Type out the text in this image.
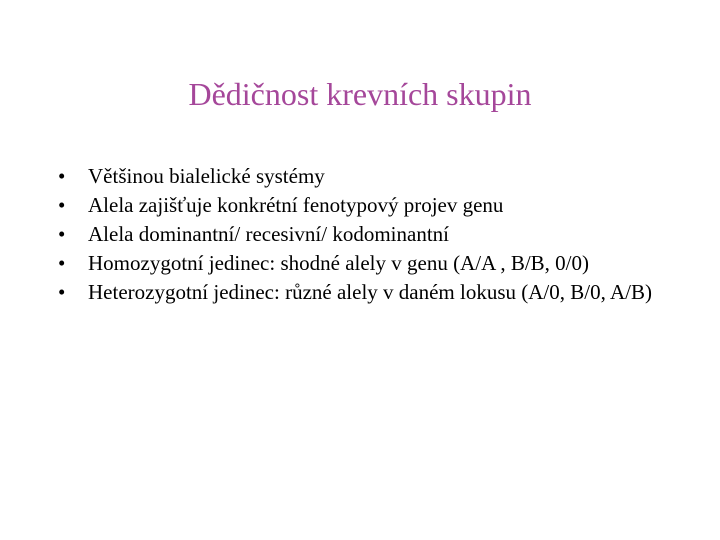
Dědičnost krevních skupin
•	Většinou bialelické systémy
•	Alela zajišťuje konkrétní fenotypový projev genu
•	Alela dominantní/ recesivní/ kodominantní
•	Homozygotní jedinec: shodné alely v genu (A/A , B/B, 0/0)
•	Heterozygotní jedinec: různé alely v daném lokusu (A/0, B/0, A/B)
